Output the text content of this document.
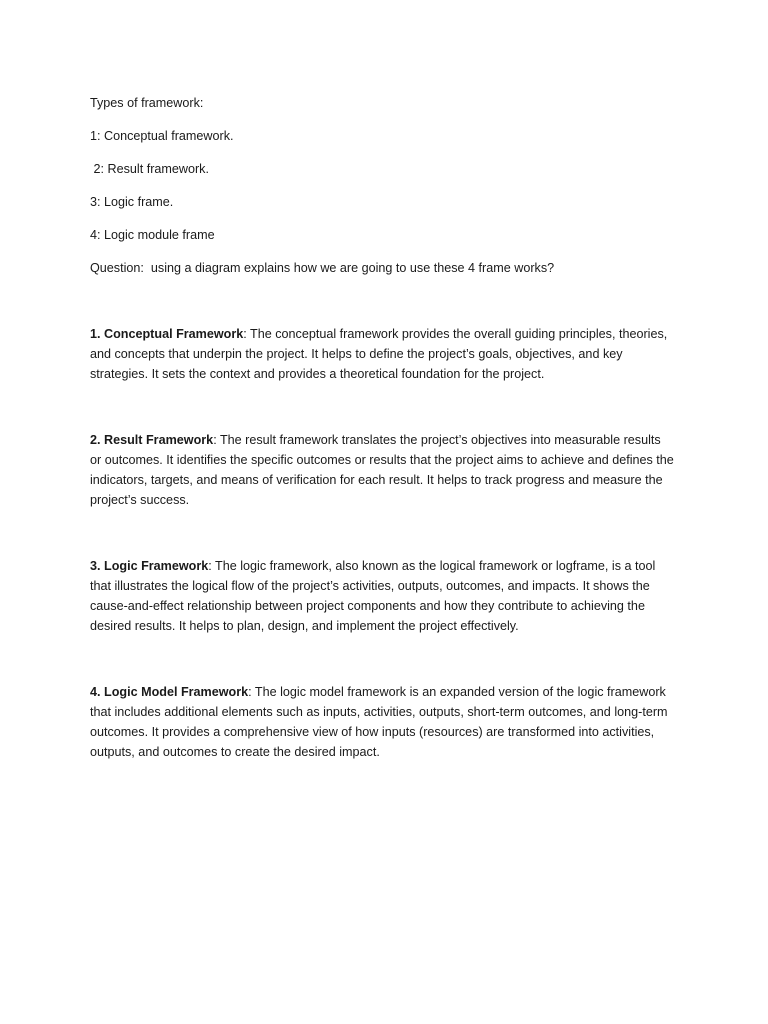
Types of framework:

1: Conceptual framework.

2: Result framework.

3: Logic frame.

4: Logic module frame

Question:  using a diagram explains how we are going to use these 4 frame works?

1. Conceptual Framework: The conceptual framework provides the overall guiding principles, theories, and concepts that underpin the project. It helps to define the project’s goals, objectives, and key strategies. It sets the context and provides a theoretical foundation for the project.

2. Result Framework: The result framework translates the project’s objectives into measurable results or outcomes. It identifies the specific outcomes or results that the project aims to achieve and defines the indicators, targets, and means of verification for each result. It helps to track progress and measure the project’s success.

3. Logic Framework: The logic framework, also known as the logical framework or logframe, is a tool that illustrates the logical flow of the project’s activities, outputs, outcomes, and impacts. It shows the cause-and-effect relationship between project components and how they contribute to achieving the desired results. It helps to plan, design, and implement the project effectively.

4. Logic Model Framework: The logic model framework is an expanded version of the logic framework that includes additional elements such as inputs, activities, outputs, short-term outcomes, and long-term outcomes. It provides a comprehensive view of how inputs (resources) are transformed into activities, outputs, and outcomes to create the desired impact.
